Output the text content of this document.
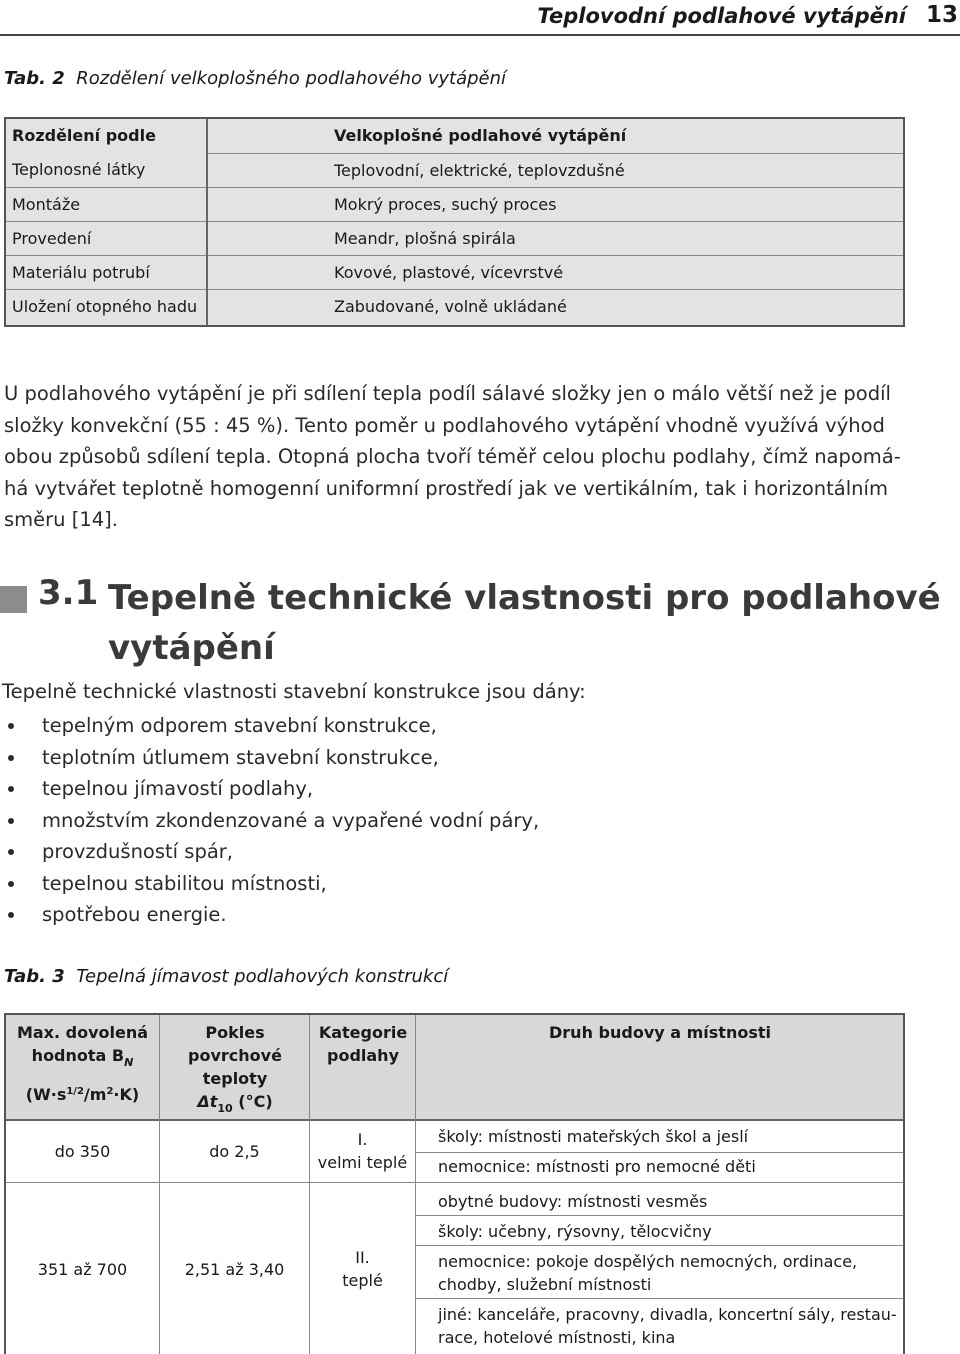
Teplovodní podlahové vytápění 13
Tab. 2 Rozdělení velkoplošného podlahového vytápění
Rozdělení podle
Teplonosné látky
Montáže
Provedení
Materiálu potrubí
Uložení otopného hadu
Velkoplošné podlahové vytápění
Teplovodní, elektrické, teplovzdušné
Mokrý proces, suchý proces
Meandr, plošná spirála
Kovové, plastové, vícevrstvé
Zabudované, volně ukládané
U podlahového vytápění je při sdílení tepla podíl sálavé složky jen o málo větší než je podíl
složky konvekční (55 : 45 %). Tento poměr u podlahového vytápění vhodně využívá výhod
obou způsobů sdílení tepla. Otopná plocha tvoří téměř celou plochu podlahy, čímž napomá-
há vytvářet teplotně homogenní uniformní prostředí jak ve vertikálním, tak i horizontálním
směru [14].
3.1 Tepelně technické vlastnosti pro podlahové
vytápění
Tepelně technické vlastnosti stavební konstrukce jsou dány:
tepelným odporem stavební konstrukce,
teplotním útlumem stavební konstrukce,
tepelnou jímavostí podlahy,
množstvím zkondenzované a vypařené vodní páry,
provzdušností spár,
tepelnou stabilitou místnosti,
spotřebou energie.
Tab. 3 Tepelná jímavost podlahových konstrukcí
Max. dovolená
hodnota $B_N$
$(W\cdot s^{1/2}/m^2\cdot K)$
Pokles
povrchové
teploty
$\Delta t_{10}$ (°C)
Kategorie
podlahy
Druh budovy a místnosti
do 350	do 2,5
I.
velmi teplé
školy: místnosti mateřských škol a jeslí
nemocnice: místnosti pro nemocné děti
351 až 700	2,51 až 3,40
II.
teplé
obytné budovy: místnosti vesměs
školy: učebny, rýsovny, tělocvičny
nemocnice: pokoje dospělých nemocných, ordinace,
chodby, služební místnosti
jiné: kanceláře, pracovny, divadla, koncertní sály, restau-
race, hotelové místnosti, kina
